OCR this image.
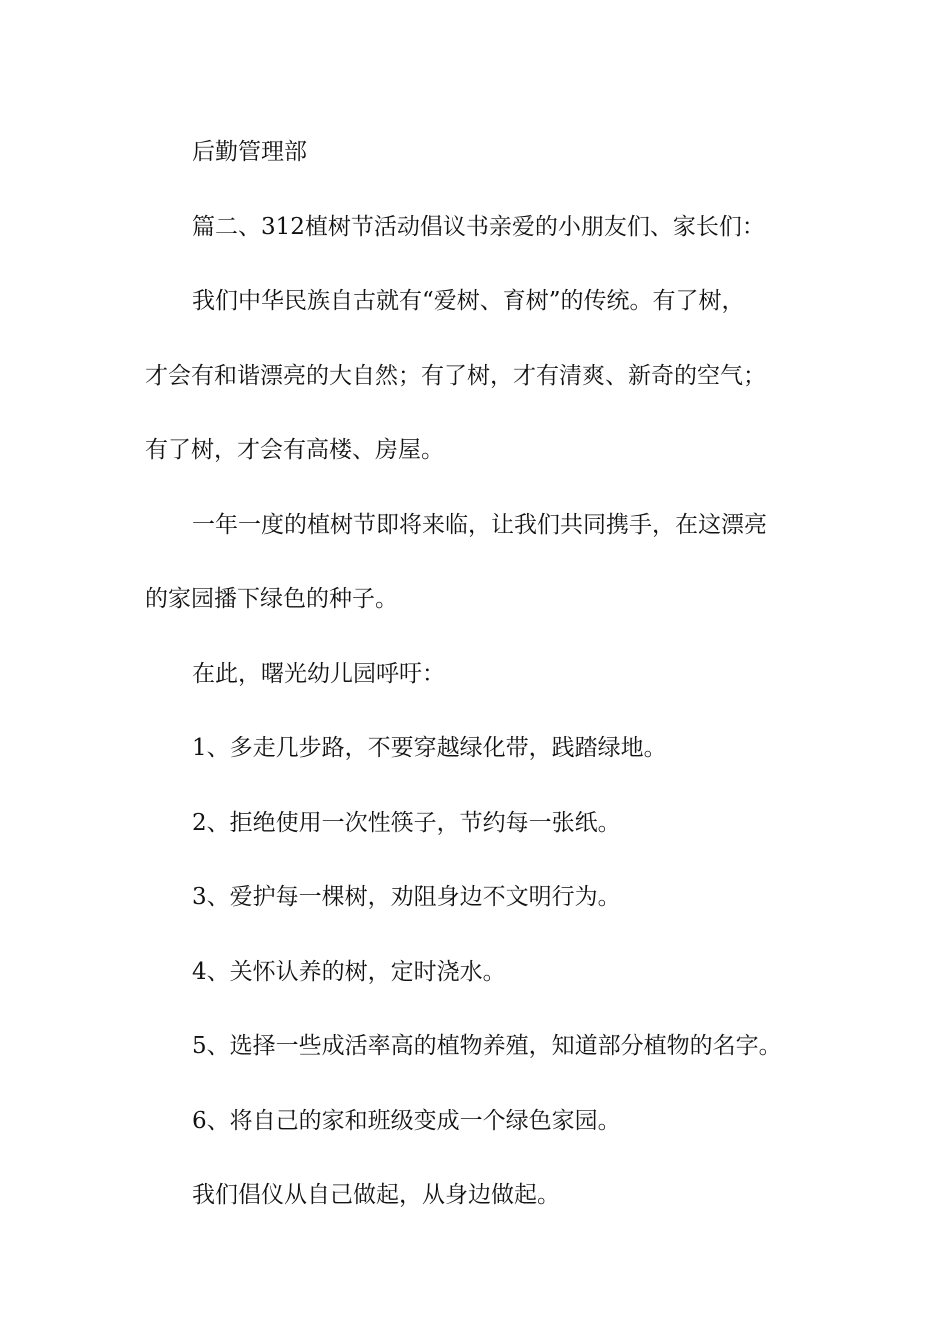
后勤管理部
篇二、312植树节活动倡议书亲爱的小朋友们、家长们：
我们中华民族自古就有“爱树、育树”的传统。有了树，
才会有和谐漂亮的大自然；有了树，才有清爽、新奇的空气；
有了树，才会有高楼、房屋。
一年一度的植树节即将来临，让我们共同携手，在这漂亮
的家园播下绿色的种子。
在此，曙光幼儿园呼吁：
1、多走几步路，不要穿越绿化带，践踏绿地。
2、拒绝使用一次性筷子，节约每一张纸。
3、爱护每一棵树，劝阻身边不文明行为。
4、关怀认养的树，定时浇水。
5、选择一些成活率高的植物养殖，知道部分植物的名字。
6、将自己的家和班级变成一个绿色家园。
我们倡仪从自己做起，从身边做起。
